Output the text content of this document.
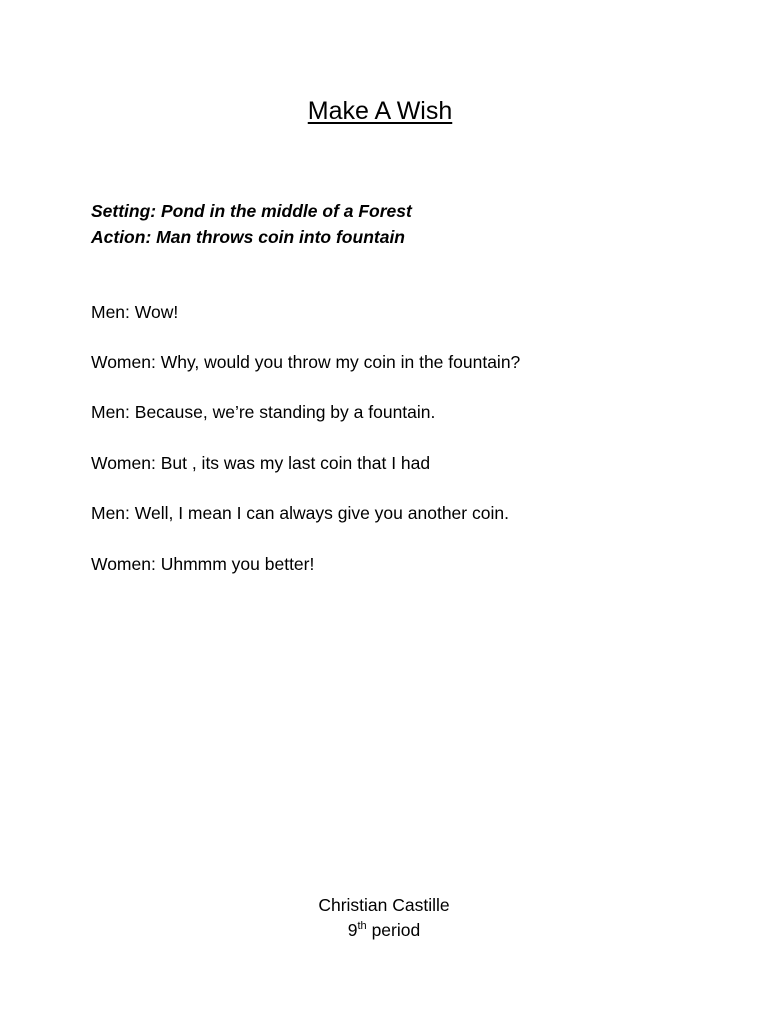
Make A Wish
Setting: Pond in the middle of a Forest
Action: Man throws coin into fountain
Men: Wow!
Women: Why, would you throw my coin in the fountain?
Men: Because, we’re standing by a fountain.
Women: But , its was my last coin that I had
Men: Well, I mean I can always give you another coin.
Women: Uhmmm you better!
Christian Castille
9th period
